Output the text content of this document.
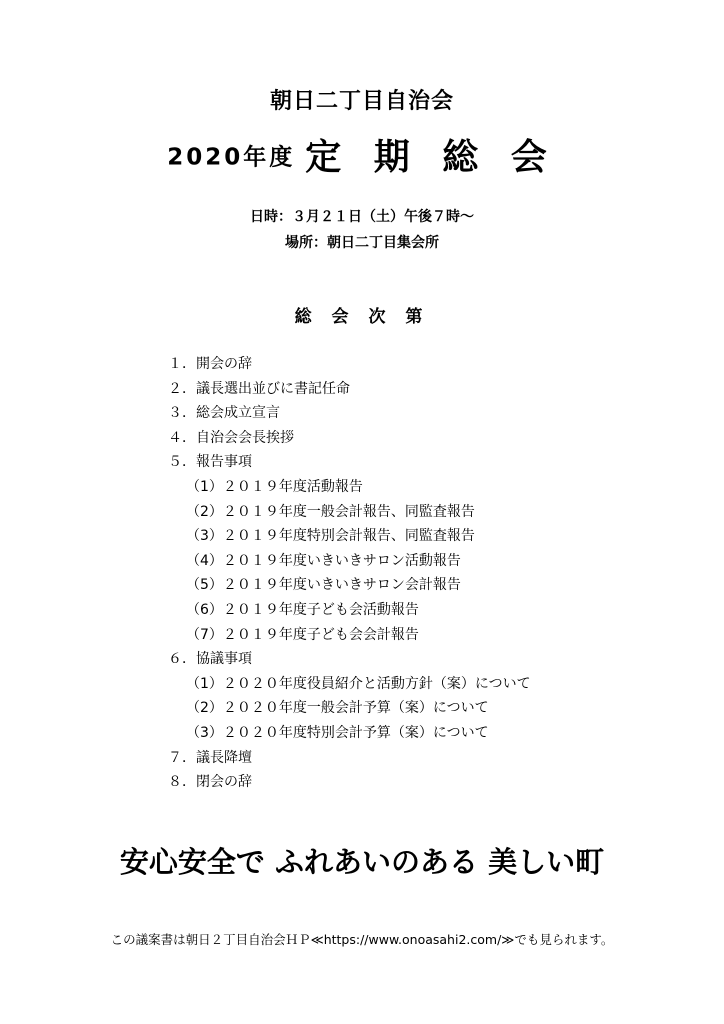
朝日二丁目自治会
2020年度 定 期 総 会
日時：３月２１日（土）午後７時～
場所：朝日二丁目集会所
総 会 次 第
１．開会の辞
２．議長選出並びに書記任命
３．総会成立宣言
４．自治会会長挨拶
５．報告事項
（1）２０１９年度活動報告
（2）２０１９年度一般会計報告、同監査報告
（3）２０１９年度特別会計報告、同監査報告
（4）２０１９年度いきいきサロン活動報告
（5）２０１９年度いきいきサロン会計報告
（6）２０１９年度子ども会活動報告
（7）２０１９年度子ども会会計報告
６．協議事項
（1）２０２０年度役員紹介と活動方針（案）について
（2）２０２０年度一般会計予算（案）について
（3）２０２０年度特別会計予算（案）について
７．議長降壇
８．閉会の辞
安心安全で ふれあいのある 美しい町
この議案書は朝日２丁目自治会ＨＰ≪https://www.onoasahi2.com/≫でも見られます。
